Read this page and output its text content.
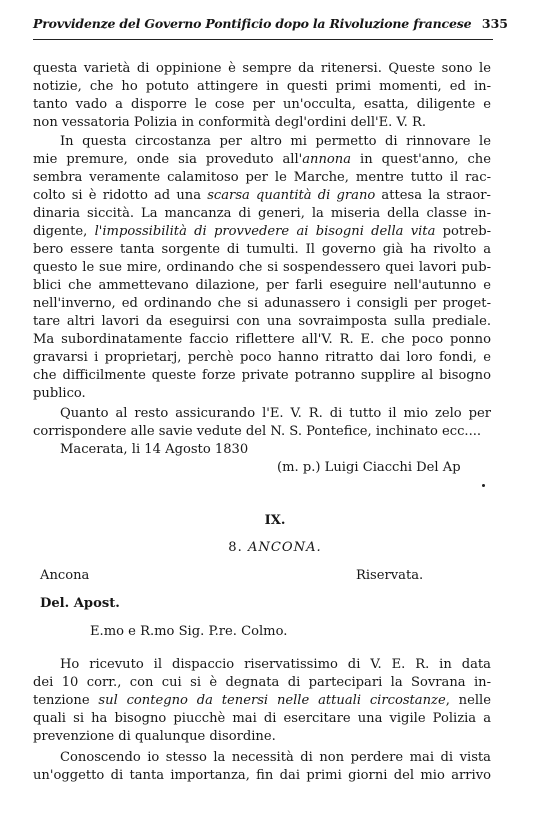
Provvidenze del Governo Pontificio dopo la Rivoluzione francese 335
questa varietà di oppinione è sempre da ritenersi. Queste sono le
notizie, che ho potuto attingere in questi primi momenti, ed in-
tanto vado a disporre le cose per un'occulta, esatta, diligente e
non vessatoria Polizia in conformità degl'ordini dell'E. V. R.
In questa circostanza per altro mi permetto di rinnovare le
mie premure, onde sia proveduto all'annona in quest'anno, che
sembra veramente calamitoso per le Marche, mentre tutto il rac-
colto si è ridotto ad una scarsa quantità di grano attesa la straor-
dinaria siccità. La mancanza di generi, la miseria della classe in-
digente, l'impossibilità di provvedere ai bisogni della vita potreb-
bero essere tanta sorgente di tumulti. Il governo già ha rivolto a
questo le sue mire, ordinando che si sospendessero quei lavori pub-
blici che ammettevano dilazione, per farli eseguire nell'autunno e
nell'inverno, ed ordinando che si adunassero i consigli per proget-
tare altri lavori da eseguirsi con una sovraimposta sulla prediale.
Ma subordinatamente faccio riflettere all'V. R. E. che poco ponno
gravarsi i proprietarj, perchè poco hanno ritratto dai loro fondi, e
che difficilmente queste forze private potranno supplire al bisogno
publico.
Quanto al resto assicurando l'E. V. R. di tutto il mio zelo per
corrispondere alle savie vedute del N. S. Pontefice, inchinato ecc....
Macerata, li 14 Agosto 1830
(m. p.) Luigi Ciacchi Del Ap
IX.
8. ANCONA.
Ancona	Riservata.
Del. Apost.
E.mo e R.mo Sig. P.re. Colmo.
Ho ricevuto il dispaccio riservatissimo di V. E. R. in data
dei 10 corr., con cui si è degnata di partecipari la Sovrana in-
tenzione sul contegno da tenersi nelle attuali circostanze, nelle
quali si ha bisogno piucchè mai di esercitare una vigile Polizia a
prevenzione di qualunque disordine.
Conoscendo io stesso la necessità di non perdere mai di vista
un'oggetto di tanta importanza, fin dai primi giorni del mio arrivo
